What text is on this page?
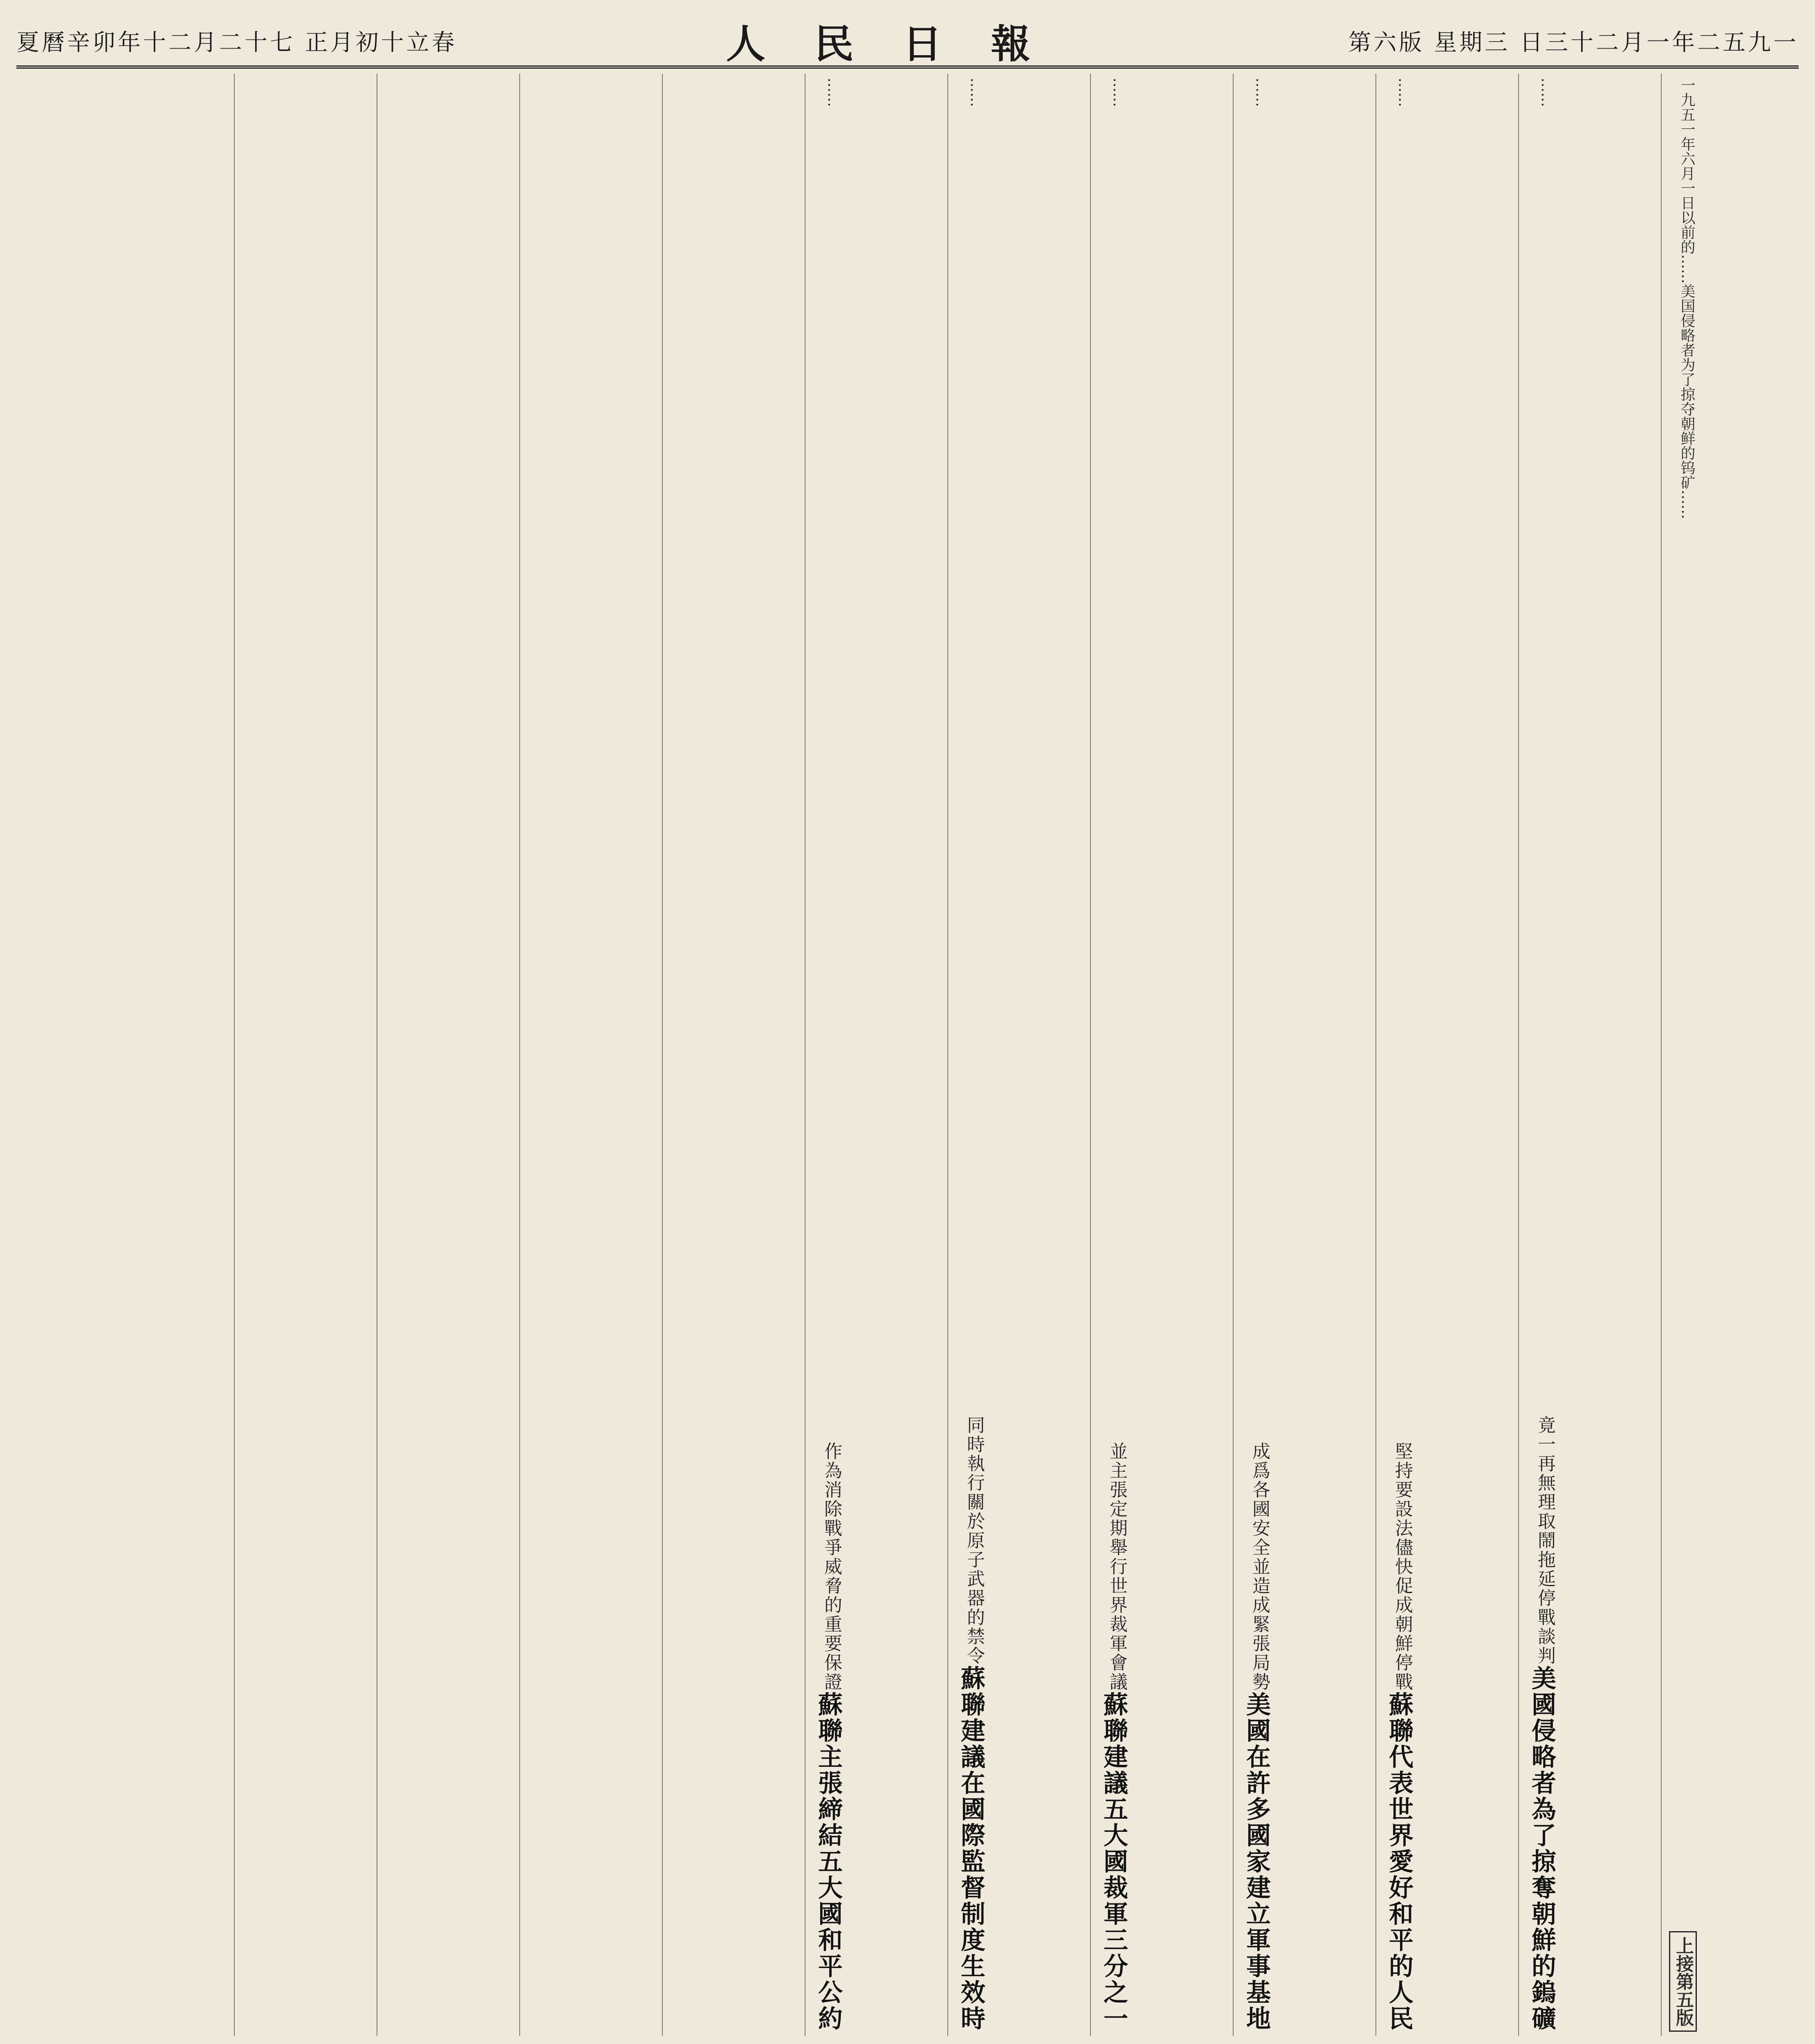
夏曆辛卯年十二月二十七 正月初十立春	人民日報	第六版 星期三 日三十二月一年二五九一
上接第五版
一九五一年六月一日以前的……美国侵略者为了掠夺朝鲜的钨矿……
美國侵略者為了掠奪朝鮮的鎢礦
竟一再無理取鬧拖延停戰談判
……
蘇聯代表世界愛好和平的人民
堅持要設法儘快促成朝鮮停戰
……
美國在許多國家建立軍事基地
成爲各國安全並造成緊張局勢
……
蘇聯建議五大國裁軍三分之一
並主張定期舉行世界裁軍會議
……
蘇聯建議在國際監督制度生效時
同時執行關於原子武器的禁令
……
蘇聯主張締結五大國和平公約
作為消除戰爭威脅的重要保證
……
